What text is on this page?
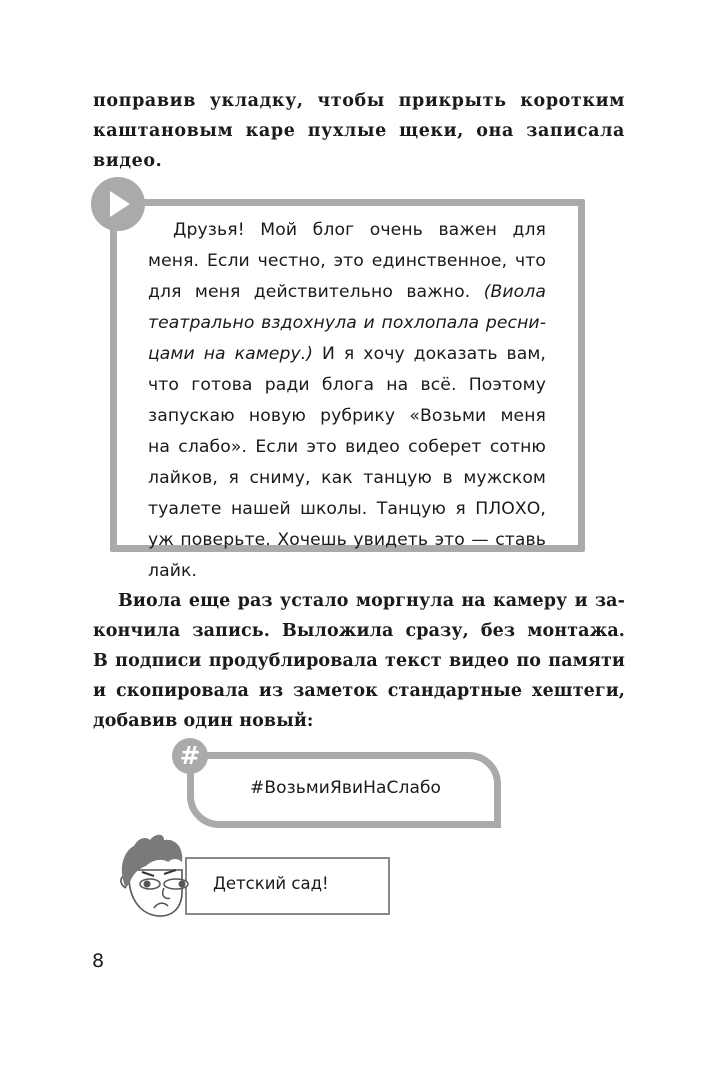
поправив укладку, чтобы прикрыть коротким
каштановым каре пухлые щеки, она записала
видео.
Друзья! Мой блог очень важен для
меня. Если честно, это единственное, что
для меня действительно важно. (Виола
театрально вздохнула и похлопала ресни-
цами на камеру.) И я хочу доказать вам,
что готова ради блога на всё. Поэтому
запускаю новую рубрику «Возьми меня
на слабо». Если это видео соберет сотню
лайков, я сниму, как танцую в мужском
туалете нашей школы. Танцую я ПЛОХО,
уж поверьте. Хочешь увидеть это — ставь
лайк.
Виола еще раз устало моргнула на камеру и за-
кончила запись. Выложила сразу, без монтажа.
В подписи продублировала текст видео по памяти
и скопировала из заметок стандартные хештеги,
добавив один новый:
#
#ВозьмиЯвиНаСлабо
Детский сад!
8
